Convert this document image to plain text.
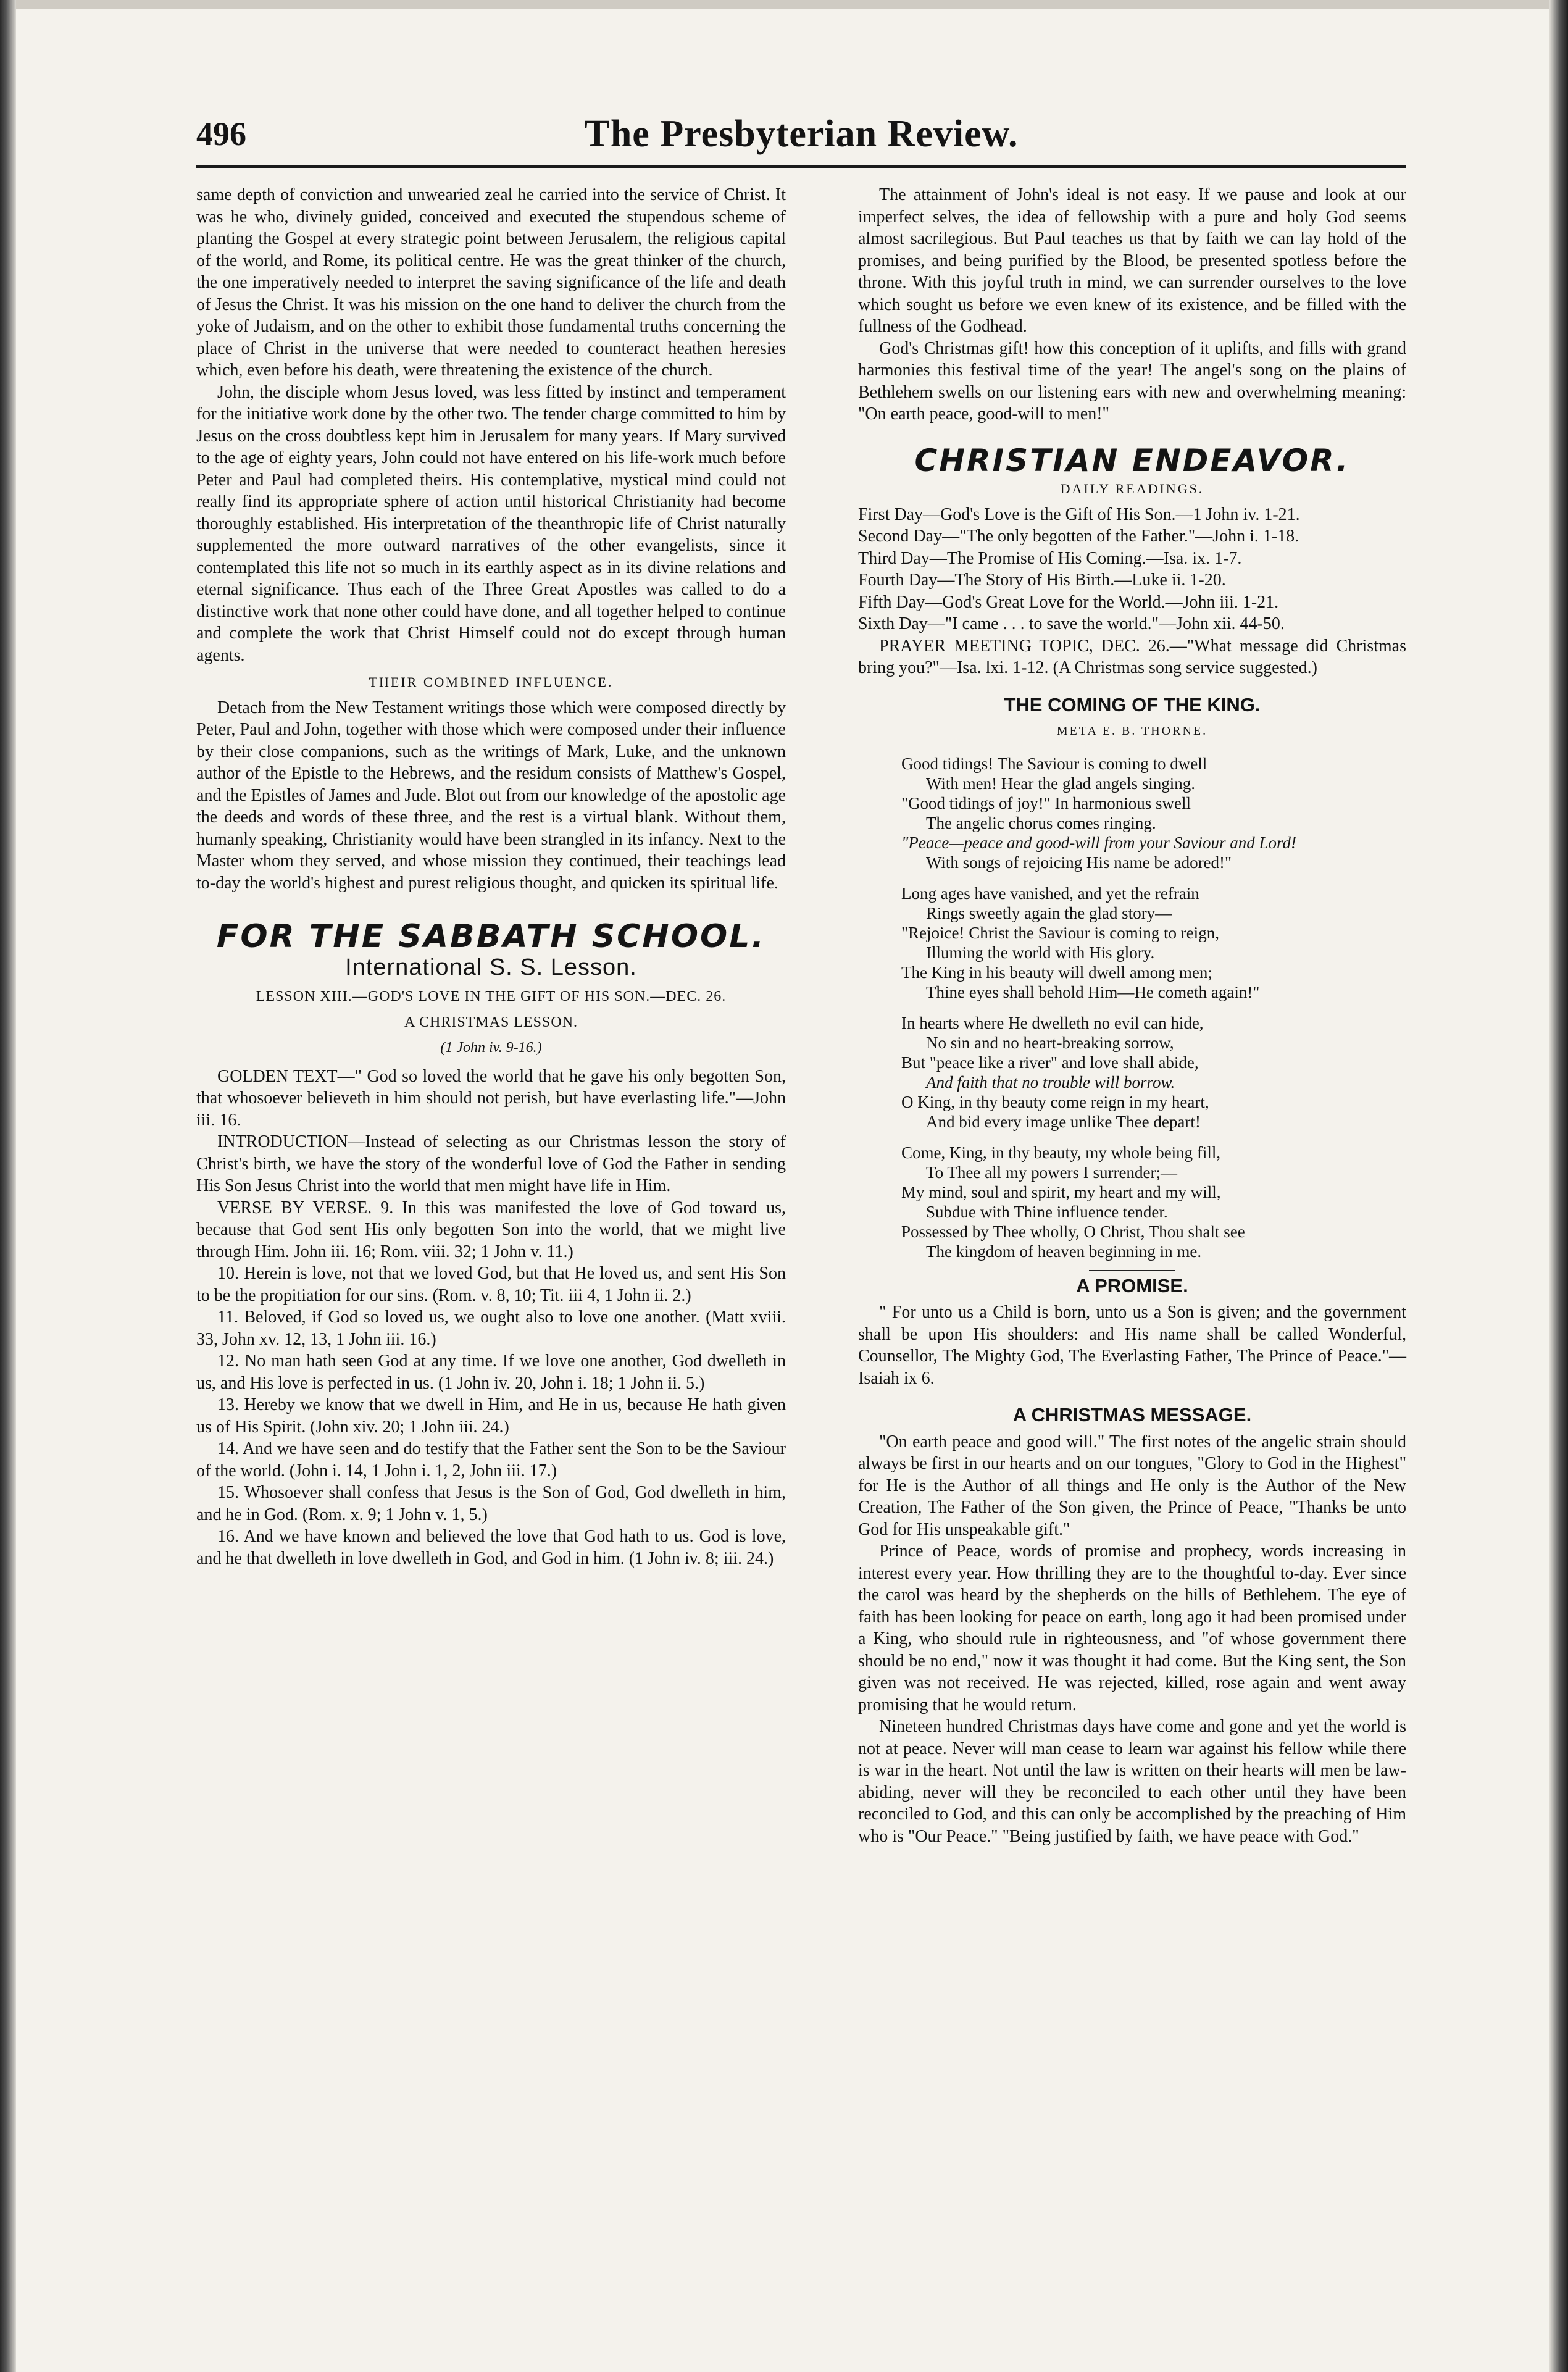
496	The Presbyterian Review.

same depth of conviction and unwearied zeal he carried into the service of Christ. It was he who, divinely guided, conceived and executed the stupendous scheme of planting the Gospel at every strategic point between Jerusalem, the religious capital of the world, and Rome, its political centre. He was the great thinker of the church, the one imperatively needed to interpret the saving significance of the life and death of Jesus the Christ. It was his mission on the one hand to deliver the church from the yoke of Judaism, and on the other to exhibit those fundamental truths concerning the place of Christ in the universe that were needed to counteract heathen heresies which, even before his death, were threatening the existence of the church.

John, the disciple whom Jesus loved, was less fitted by instinct and temperament for the initiative work done by the other two. The tender charge committed to him by Jesus on the cross doubtless kept him in Jerusalem for many years. If Mary survived to the age of eighty years, John could not have entered on his life-work much before Peter and Paul had completed theirs. His contemplative, mystical mind could not really find its appropriate sphere of action until historical Christianity had become thoroughly established. His interpretation of the theanthropic life of Christ naturally supplemented the more outward narratives of the other evangelists, since it contemplated this life not so much in its earthly aspect as in its divine relations and eternal significance. Thus each of the Three Great Apostles was called to do a distinctive work that none other could have done, and all together helped to continue and complete the work that Christ Himself could not do except through human agents.

THEIR COMBINED INFLUENCE.

Detach from the New Testament writings those which were composed directly by Peter, Paul and John, together with those which were composed under their influence by their close companions, such as the writings of Mark, Luke, and the unknown author of the Epistle to the Hebrews, and the residum consists of Matthew's Gospel, and the Epistles of James and Jude. Blot out from our knowledge of the apostolic age the deeds and words of these three, and the rest is a virtual blank. Without them, humanly speaking, Christianity would have been strangled in its infancy. Next to the Master whom they served, and whose mission they continued, their teachings lead to-day the world's highest and purest religious thought, and quicken its spiritual life.

FOR THE SABBATH SCHOOL.
International S. S. Lesson.
LESSON XIII.—GOD'S LOVE IN THE GIFT OF HIS SON.—DEC. 26.
A CHRISTMAS LESSON.
(1 John iv. 9-16.)

GOLDEN TEXT—" God so loved the world that he gave his only begotten Son, that whosoever believeth in him should not perish, but have everlasting life."—John iii. 16.

INTRODUCTION—Instead of selecting as our Christmas lesson the story of Christ's birth, we have the story of the wonderful love of God the Father in sending His Son Jesus Christ into the world that men might have life in Him.

VERSE BY VERSE. 9. In this was manifested the love of God toward us, because that God sent His only begotten Son into the world, that we might live through Him. John iii. 16; Rom. viii. 32; 1 John v. 11.)

10. Herein is love, not that we loved God, but that He loved us, and sent His Son to be the propitiation for our sins. (Rom. v. 8, 10; Tit. iii 4, 1 John ii. 2.)

11. Beloved, if God so loved us, we ought also to love one another. (Matt xviii. 33, John xv. 12, 13, 1 John iii. 16.)

12. No man hath seen God at any time. If we love one another, God dwelleth in us, and His love is perfected in us. (1 John iv. 20, John i. 18; 1 John ii. 5.)

13. Hereby we know that we dwell in Him, and He in us, because He hath given us of His Spirit. (John xiv. 20; 1 John iii. 24.)

14. And we have seen and do testify that the Father sent the Son to be the Saviour of the world. (John i. 14, 1 John i. 1, 2, John iii. 17.)

15. Whosoever shall confess that Jesus is the Son of God, God dwelleth in him, and he in God. (Rom. x. 9; 1 John v. 1, 5.)

16. And we have known and believed the love that God hath to us. God is love, and he that dwelleth in love dwelleth in God, and God in him. (1 John iv. 8; iii. 24.)

The attainment of John's ideal is not easy. If we pause and look at our imperfect selves, the idea of fellowship with a pure and holy God seems almost sacrilegious. But Paul teaches us that by faith we can lay hold of the promises, and being purified by the Blood, be presented spotless before the throne. With this joyful truth in mind, we can surrender ourselves to the love which sought us before we even knew of its existence, and be filled with the fullness of the Godhead.

God's Christmas gift! how this conception of it uplifts, and fills with grand harmonies this festival time of the year! The angel's song on the plains of Bethlehem swells on our listening ears with new and overwhelming meaning: "On earth peace, good-will to men!"

CHRISTIAN ENDEAVOR.
DAILY READINGS.
First Day—God's Love is the Gift of His Son.—1 John iv. 1-21.
Second Day—"The only begotten of the Father."—John i. 1-18.
Third Day—The Promise of His Coming.—Isa. ix. 1-7.
Fourth Day—The Story of His Birth.—Luke ii. 1-20.
Fifth Day—God's Great Love for the World.—John iii. 1-21.
Sixth Day—"I came . . . to save the world."—John xii. 44-50.

PRAYER MEETING TOPIC, DEC. 26.—"What message did Christmas bring you?"—Isa. lxi. 1-12. (A Christmas song service suggested.)

THE COMING OF THE KING.
META E. B. THORNE.
Good tidings! The Saviour is coming to dwell
With men! Hear the glad angels singing.
"Good tidings of joy!" In harmonious swell
The angelic chorus comes ringing.
"Peace—peace and good-will from your Saviour and Lord!
With songs of rejoicing His name be adored!"
Long ages have vanished, and yet the refrain
Rings sweetly again the glad story—
"Rejoice! Christ the Saviour is coming to reign,
Illuming the world with His glory.
The King in his beauty will dwell among men;
Thine eyes shall behold Him—He cometh again!"
In hearts where He dwelleth no evil can hide,
No sin and no heart-breaking sorrow,
But "peace like a river" and love shall abide,
And faith that no trouble will borrow.
O King, in thy beauty come reign in my heart,
And bid every image unlike Thee depart!
Come, King, in thy beauty, my whole being fill,
To Thee all my powers I surrender;—
My mind, soul and spirit, my heart and my will,
Subdue with Thine influence tender.
Possessed by Thee wholly, O Christ, Thou shalt see
The kingdom of heaven beginning in me.
A PROMISE.

" For unto us a Child is born, unto us a Son is given; and the government shall be upon His shoulders: and His name shall be called Wonderful, Counsellor, The Mighty God, The Everlasting Father, The Prince of Peace."—Isaiah ix 6.

A CHRISTMAS MESSAGE.

"On earth peace and good will." The first notes of the angelic strain should always be first in our hearts and on our tongues, "Glory to God in the Highest" for He is the Author of all things and He only is the Author of the New Creation, The Father of the Son given, the Prince of Peace, "Thanks be unto God for His unspeakable gift."

Prince of Peace, words of promise and prophecy, words increasing in interest every year. How thrilling they are to the thoughtful to-day. Ever since the carol was heard by the shepherds on the hills of Bethlehem. The eye of faith has been looking for peace on earth, long ago it had been promised under a King, who should rule in righteousness, and "of whose government there should be no end," now it was thought it had come. But the King sent, the Son given was not received. He was rejected, killed, rose again and went away promising that he would return.

Nineteen hundred Christmas days have come and gone and yet the world is not at peace. Never will man cease to learn war against his fellow while there is war in the heart. Not until the law is written on their hearts will men be law-abiding, never will they be reconciled to each other until they have been reconciled to God, and this can only be accomplished by the preaching of Him who is "Our Peace." "Being justified by faith, we have peace with God."
